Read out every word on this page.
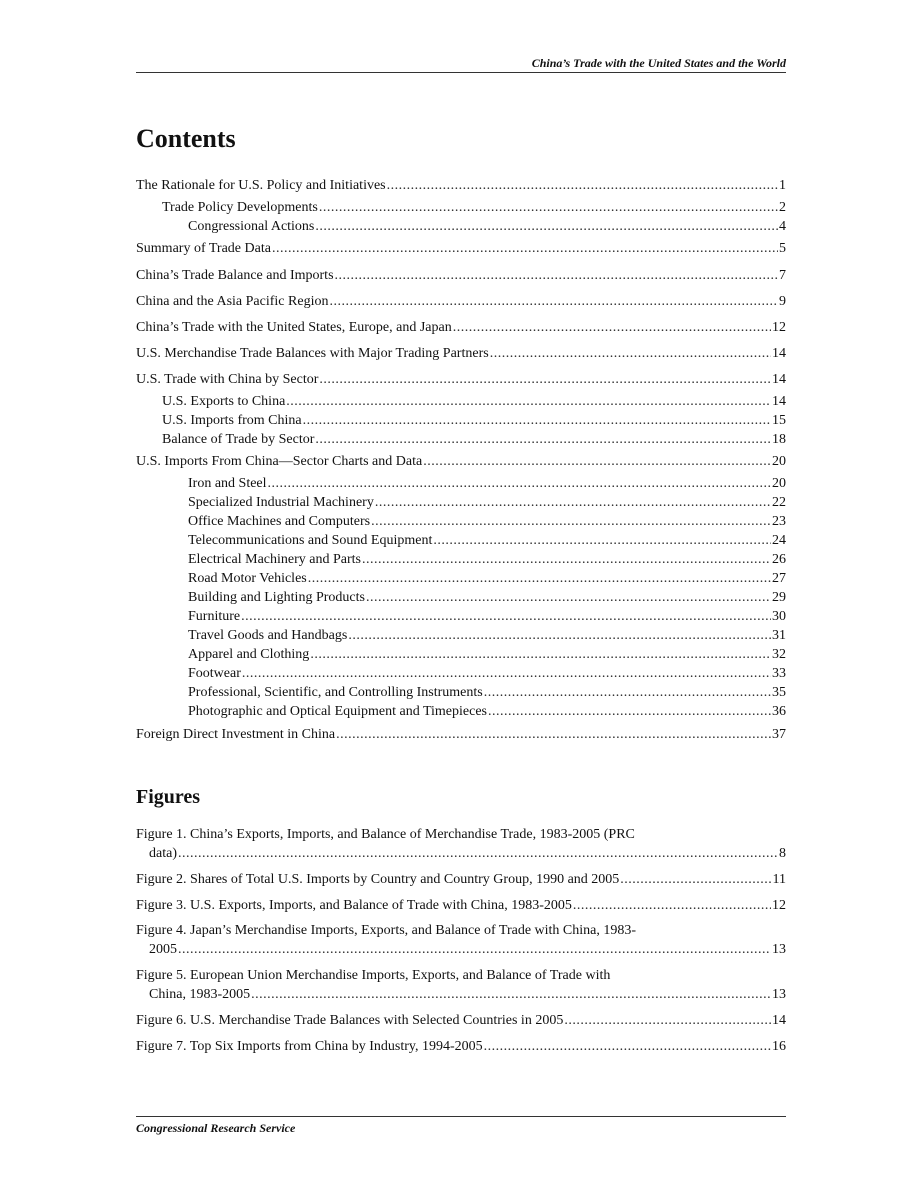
China’s Trade with the United States and the World
Contents
The Rationale for U.S. Policy and Initiatives .....	1
Trade Policy Developments .....	2
Congressional Actions .....	4
Summary of Trade Data .....	5
China’s Trade Balance and Imports .....	7
China and the Asia Pacific Region .....	9
China’s Trade with the United States, Europe, and Japan .....	12
U.S. Merchandise Trade Balances with Major Trading Partners .....	14
U.S. Trade with China by Sector .....	14
U.S. Exports to China .....	14
U.S. Imports from China .....	15
Balance of Trade by Sector .....	18
U.S. Imports From China—Sector Charts and Data .....	20
Iron and Steel .....	20
Specialized Industrial Machinery .....	22
Office Machines and Computers .....	23
Telecommunications and Sound Equipment .....	24
Electrical Machinery and Parts .....	26
Road Motor Vehicles .....	27
Building and Lighting Products .....	29
Furniture .....	30
Travel Goods and Handbags .....	31
Apparel and Clothing .....	32
Footwear .....	33
Professional, Scientific, and Controlling Instruments .....	35
Photographic and Optical Equipment and Timepieces .....	36
Foreign Direct Investment in China .....	37
Figures
Figure 1. China’s Exports, Imports, and Balance of Merchandise Trade, 1983-2005 (PRC
data) .....	8
Figure 2. Shares of Total U.S. Imports by Country and Country Group, 1990 and 2005 .....	11
Figure 3. U.S. Exports, Imports, and Balance of Trade with China, 1983-2005 .....	12
Figure 4. Japan’s Merchandise Imports, Exports, and Balance of Trade with China, 1983-
2005 .....	13
Figure 5. European Union Merchandise Imports, Exports, and Balance of Trade with
China, 1983-2005 .....	13
Figure 6. U.S. Merchandise Trade Balances with Selected Countries in 2005 .....	14
Figure 7. Top Six Imports from China by Industry, 1994-2005 .....	16
Congressional Research Service
